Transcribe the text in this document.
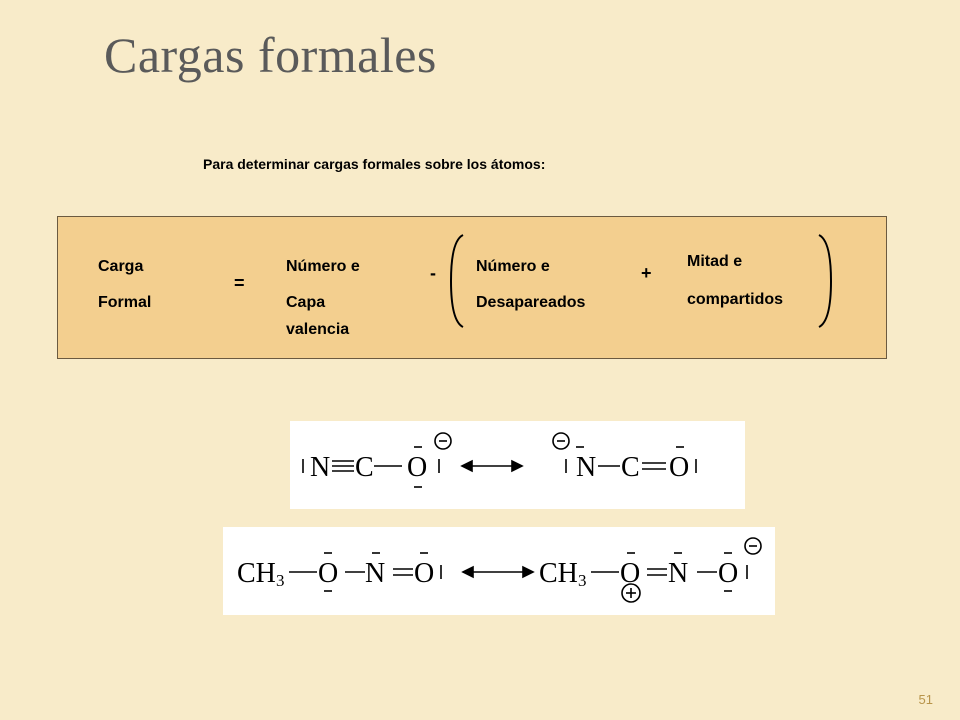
Cargas formales
Para determinar cargas formales sobre los átomos:
Carga
Formal
=
Número e
Capa
valencia
-	Número e
Desapareados
+
Mitad e
compartidos
N C O	N C O
CH 3 O N O	CH 3 O N O
51
